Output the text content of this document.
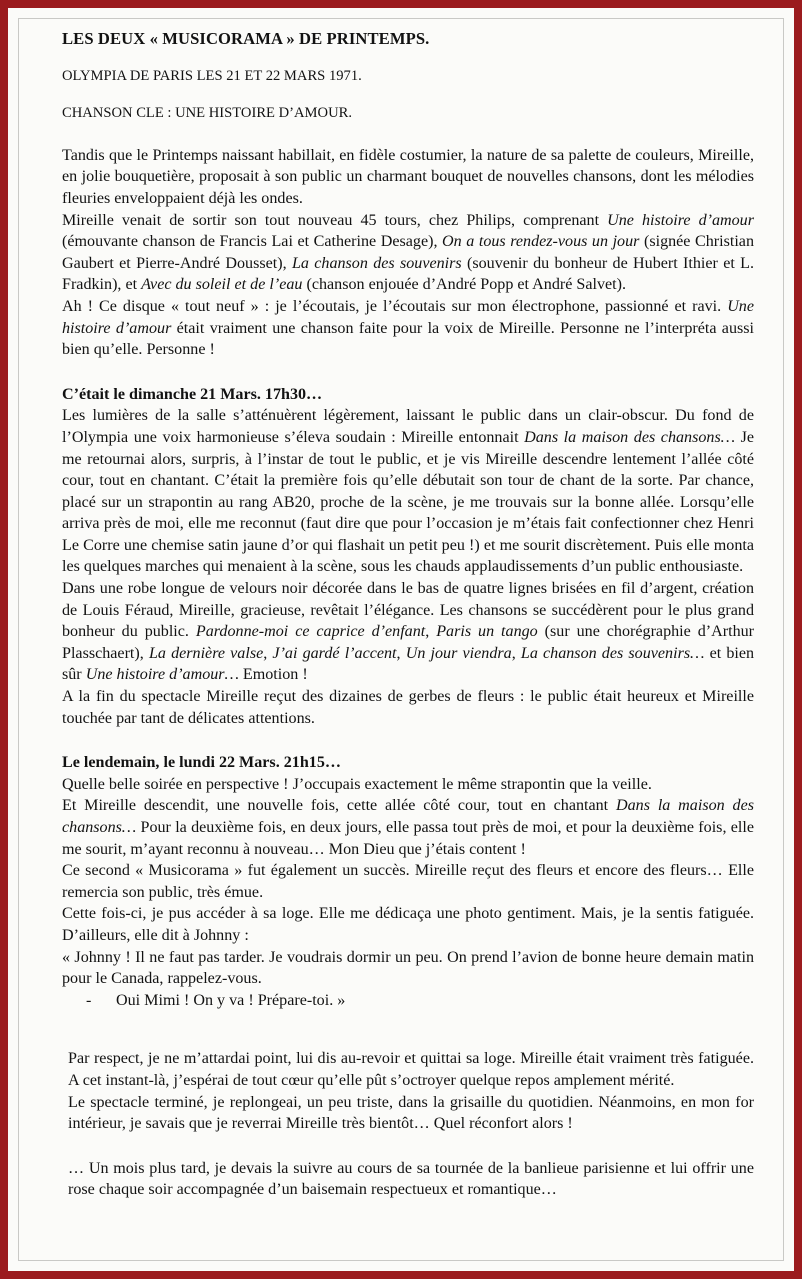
LES DEUX « MUSICORAMA » DE PRINTEMPS.
OLYMPIA DE PARIS LES 21 ET 22 MARS 1971.
CHANSON CLE : UNE HISTOIRE D’AMOUR.

Tandis que le Printemps naissant habillait, en fidèle costumier, la nature de sa palette de couleurs, Mireille, en jolie bouquetière, proposait à son public un charmant bouquet de nouvelles chansons, dont les mélodies fleuries enveloppaient déjà les ondes.

Mireille venait de sortir son tout nouveau 45 tours, chez Philips, comprenant Une histoire d’amour (émouvante chanson de Francis Lai et Catherine Desage), On a tous rendez-vous un jour (signée Christian Gaubert et Pierre-André Dousset), La chanson des souvenirs (souvenir du bonheur de Hubert Ithier et L. Fradkin), et Avec du soleil et de l’eau (chanson enjouée d’André Popp et André Salvet).

Ah ! Ce disque « tout neuf » : je l’écoutais, je l’écoutais sur mon électrophone, passionné et ravi. Une histoire d’amour était vraiment une chanson faite pour la voix de Mireille. Personne ne l’interpréta aussi bien qu’elle. Personne !

C’était le dimanche 21 Mars. 17h30…

Les lumières de la salle s’atténuèrent légèrement, laissant le public dans un clair-obscur. Du fond de l’Olympia une voix harmonieuse s’éleva soudain : Mireille entonnait Dans la maison des chansons… Je me retournai alors, surpris, à l’instar de tout le public, et je vis Mireille descendre lentement l’allée côté cour, tout en chantant. C’était la première fois qu’elle débutait son tour de chant de la sorte. Par chance, placé sur un strapontin au rang AB20, proche de la scène, je me trouvais sur la bonne allée. Lorsqu’elle arriva près de moi, elle me reconnut (faut dire que pour l’occasion je m’étais fait confectionner chez Henri Le Corre une chemise satin jaune d’or qui flashait un petit peu !) et me sourit discrètement. Puis elle monta les quelques marches qui menaient à la scène, sous les chauds applaudissements d’un public enthousiaste.

Dans une robe longue de velours noir décorée dans le bas de quatre lignes brisées en fil d’argent, création de Louis Féraud, Mireille, gracieuse, revêtait l’élégance. Les chansons se succédèrent pour le plus grand bonheur du public. Pardonne-moi ce caprice d’enfant, Paris un tango (sur une chorégraphie d’Arthur Plasschaert), La dernière valse, J’ai gardé l’accent, Un jour viendra, La chanson des souvenirs… et bien sûr Une histoire d’amour… Emotion !

A la fin du spectacle Mireille reçut des dizaines de gerbes de fleurs : le public était heureux et Mireille touchée par tant de délicates attentions.

Le lendemain, le lundi 22 Mars. 21h15…

Quelle belle soirée en perspective ! J’occupais exactement le même strapontin que la veille.

Et Mireille descendit, une nouvelle fois, cette allée côté cour, tout en chantant Dans la maison des chansons… Pour la deuxième fois, en deux jours, elle passa tout près de moi, et pour la deuxième fois, elle me sourit, m’ayant reconnu à nouveau… Mon Dieu que j’étais content !

Ce second « Musicorama » fut également un succès. Mireille reçut des fleurs et encore des fleurs… Elle remercia son public, très émue.

Cette fois-ci, je pus accéder à sa loge. Elle me dédicaça une photo gentiment. Mais, je la sentis fatiguée. D’ailleurs, elle dit à Johnny :

« Johnny ! Il ne faut pas tarder. Je voudrais dormir un peu. On prend l’avion de bonne heure demain matin pour le Canada, rappelez-vous.

- Oui Mimi ! On y va ! Prépare-toi. »

Par respect, je ne m’attardai point, lui dis au-revoir et quittai sa loge. Mireille était vraiment très fatiguée. A cet instant-là, j’espérai de tout cœur qu’elle pût s’octroyer quelque repos amplement mérité.

Le spectacle terminé, je replongeai, un peu triste, dans la grisaille du quotidien. Néanmoins, en mon for intérieur, je savais que je reverrai Mireille très bientôt… Quel réconfort alors !

… Un mois plus tard, je devais la suivre au cours de sa tournée de la banlieue parisienne et lui offrir une rose chaque soir accompagnée d’un baisemain respectueux et romantique…
